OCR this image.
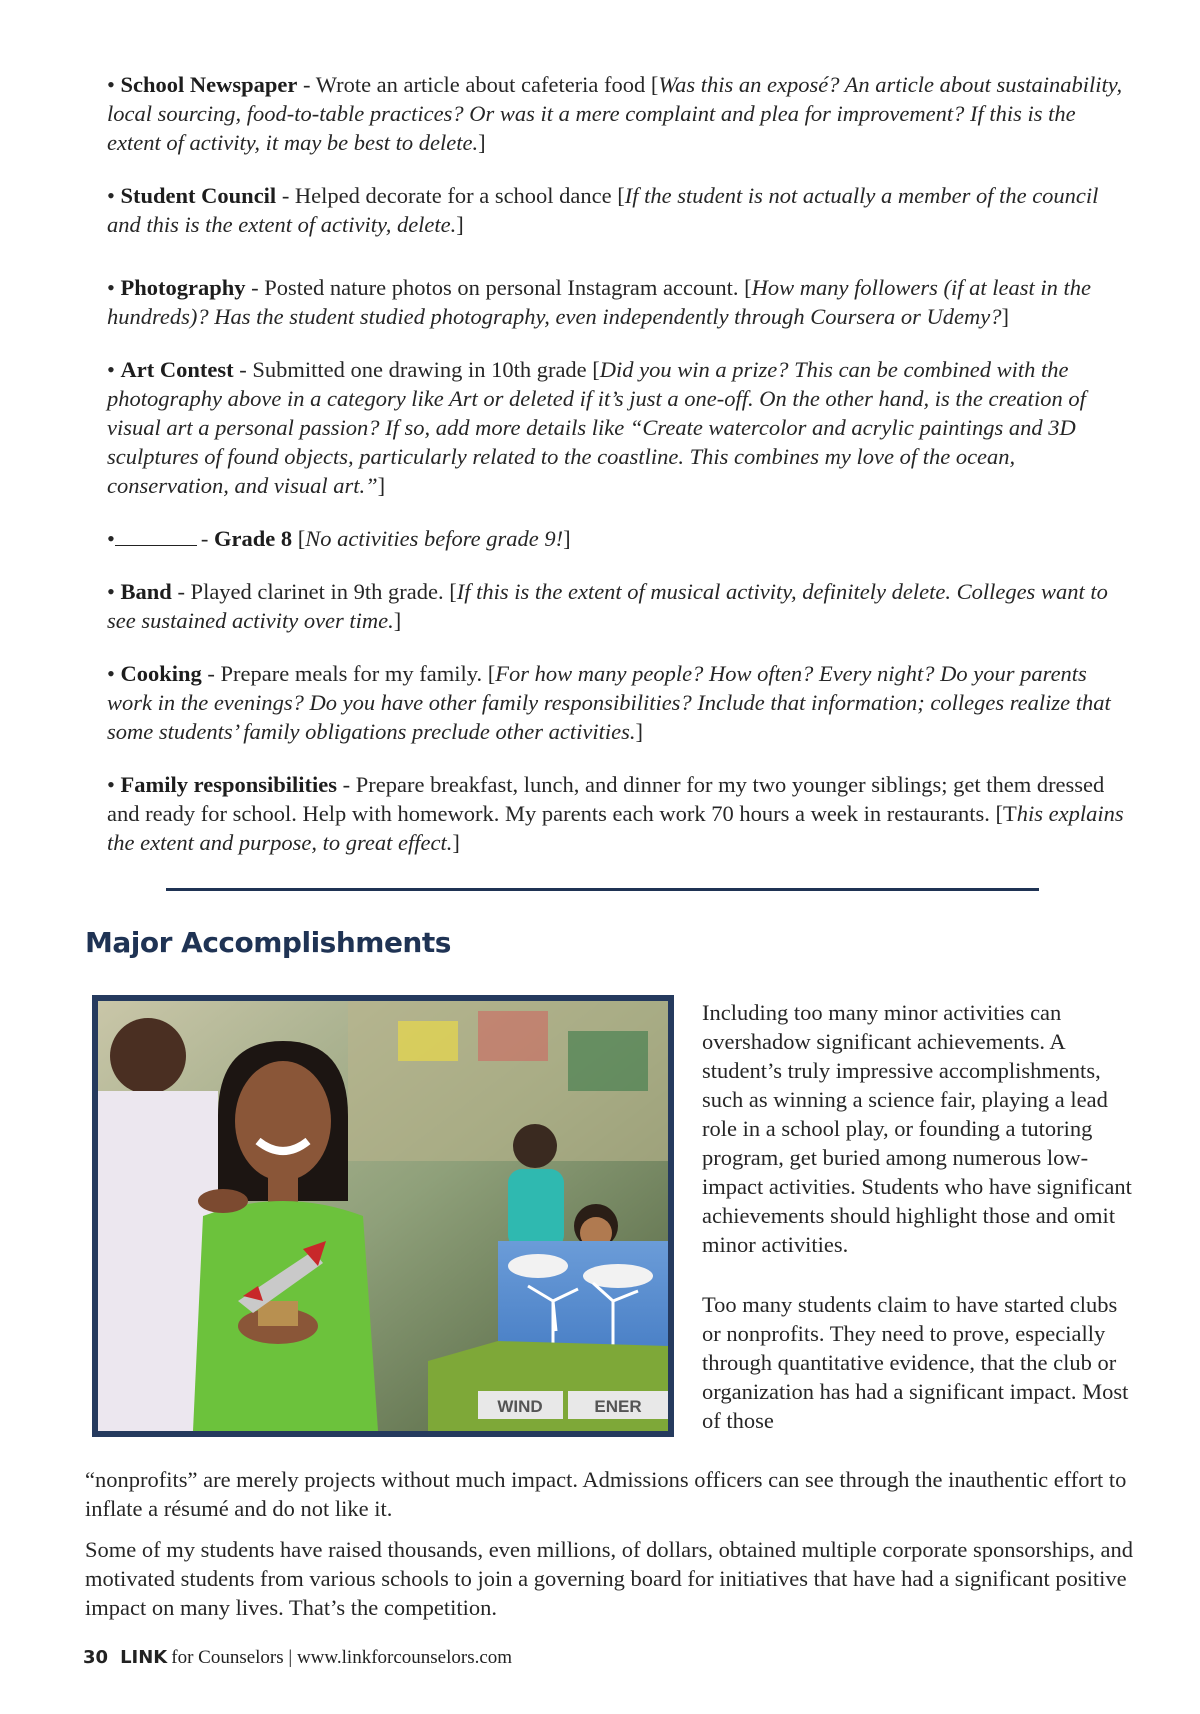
• School Newspaper - Wrote an article about cafeteria food [Was this an exposé? An article about sustainability, local sourcing, food-to-table practices? Or was it a mere complaint and plea for improvement? If this is the extent of activity, it may be best to delete.]
• Student Council - Helped decorate for a school dance [If the student is not actually a member of the council and this is the extent of activity, delete.]
• Photography - Posted nature photos on personal Instagram account. [How many followers (if at least in the hundreds)? Has the student studied photography, even independently through Coursera or Udemy?]
• Art Contest - Submitted one drawing in 10th grade [Did you win a prize? This can be combined with the photography above in a category like Art or deleted if it’s just a one-off. On the other hand, is the creation of visual art a personal passion? If so, add more details like “Create watercolor and acrylic paintings and 3D sculptures of found objects, particularly related to the coastline. This combines my love of the ocean, conservation, and visual art.”]
•	- Grade 8 [No activities before grade 9!]
• Band - Played clarinet in 9th grade. [If this is the extent of musical activity, definitely delete. Colleges want to see sustained activity over time.]
• Cooking - Prepare meals for my family. [For how many people? How often? Every night? Do your parents work in the evenings? Do you have other family responsibilities? Include that information; colleges realize that some students’ family obligations preclude other activities.]
• Family responsibilities - Prepare breakfast, lunch, and dinner for my two younger siblings; get them dressed and ready for school. Help with homework. My parents each work 70 hours a week in restaurants. [This explains the extent and purpose, to great effect.]
Major Accomplishments
WIND	ENER

Including too many minor activities can overshadow significant achievements. A student’s truly impressive accomplishments, such as winning a science fair, playing a lead role in a school play, or founding a tutoring program, get buried among numerous low-impact activities. Students who have significant achievements should highlight those and omit minor activities.

Too many students claim to have started clubs or nonprofits. They need to prove, especially through quantitative evidence, that the club or organization has had a significant impact. Most of those

“nonprofits” are merely projects without much impact. Admissions officers can see through the inauthentic effort to inflate a résumé and do not like it.

Some of my students have raised thousands, even millions, of dollars, obtained multiple corporate sponsorships, and motivated students from various schools to join a governing board for initiatives that have had a significant positive impact on many lives. That’s the competition.

30 LINK for Counselors | www.linkforcounselors.com
